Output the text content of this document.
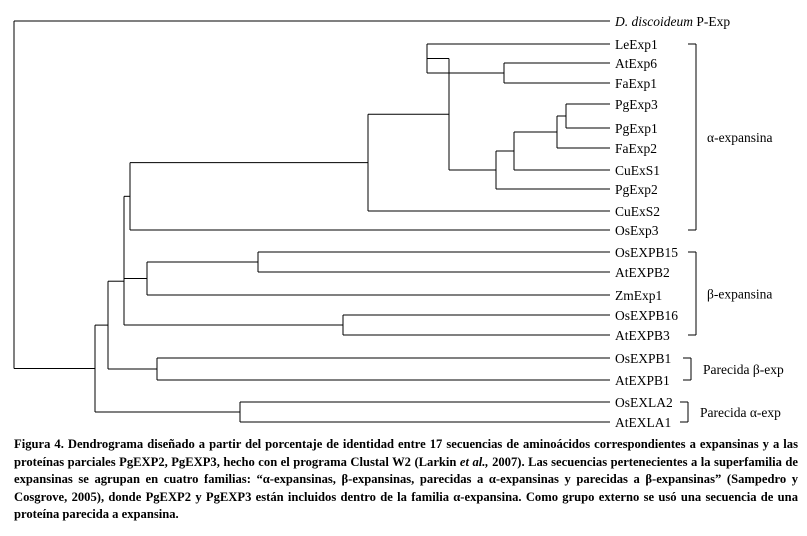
D. discoideum P-Exp
LeExp1
AtExp6
FaExp1
PgExp3
PgExp1
FaExp2
CuExS1
PgExp2
CuExS2
OsExp3
OsEXPB15
AtEXPB2
ZmExp1
OsEXPB16
AtEXPB3
OsEXPB1
AtEXPB1
OsEXLA2
AtEXLA1
α-expansina
β-expansina
Parecida β-exp
Parecida α-exp

Figura 4. Dendrograma diseñado a partir del porcentaje de identidad entre 17 secuencias de aminoácidos correspondientes a expansinas y a las proteínas parciales PgEXP2, PgEXP3, hecho con el programa Clustal W2 (Larkin et al., 2007). Las secuencias pertenecientes a la superfamilia de expansinas se agrupan en cuatro familias: “α-expansinas, β-expansinas, parecidas a α-expansinas y parecidas a β-expansinas” (Sampedro y Cosgrove, 2005), donde PgEXP2 y PgEXP3 están incluidos dentro de la familia α-expansina. Como grupo externo se usó una secuencia de una proteína parecida a expansina.
